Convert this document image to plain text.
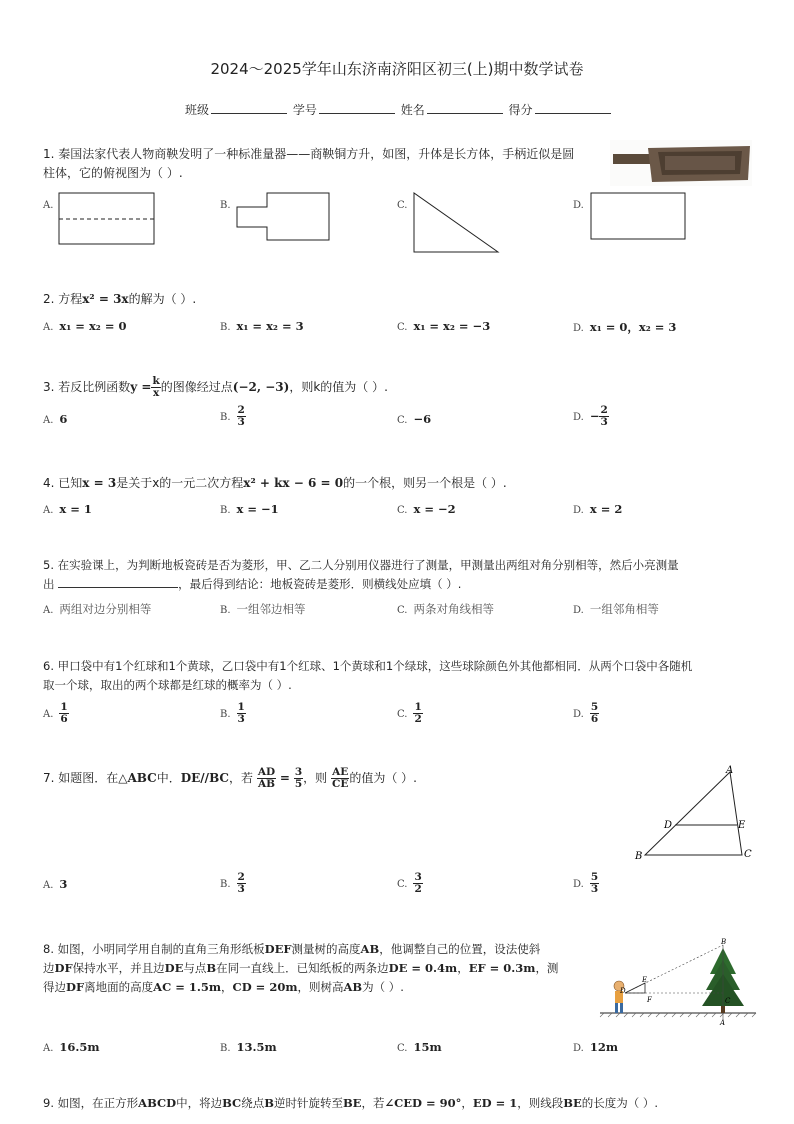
2024～2025学年山东济南济阳区初三(上)期中数学试卷
班级	学号	姓名	得分
1. 秦国法家代表人物商鞅发明了一种标准量器——商鞅铜方升，如图，升体是长方体，手柄近似是圆
柱体，它的俯视图为（ ）.
A.	B.	C.	D.
2. 方程x² = 3x的解为（ ）.
A. x₁ = x₂ = 0	B. x₁ = x₂ = 3	C. x₁ = x₂ = −3	D. x₁ = 0，x₂ = 3
3. 若反比例函数$y = \frac{k}{x}$ 的图像经过点(−2, −3)，则k的值为（ ）.
A. 6	B. $\frac{2}{3}$	C. −6	D. − $\frac{2}{3}$
4. 已知x = 3是关于x的一元二次方程x² + kx − 6 = 0的一个根，则另一个根是（ ）.
A. x = 1	B. x = −1	C. x = −2	D. x = 2
5. 在实验课上，为判断地板瓷砖是否为菱形，甲、乙二人分别用仪器进行了测量，甲测量出两组对角分别相等，然后小亮测量
出	，最后得到结论：地板瓷砖是菱形．则横线处应填（ ）.
A. 两组对边分别相等	B. 一组邻边相等	C. 两条对角线相等	D. 一组邻角相等
6. 甲口袋中有1个红球和1个黄球，乙口袋中有1个红球、1个黄球和1个绿球，这些球除颜色外其他都相同．从两个口袋中各随机
取一个球，取出的两个球都是红球的概率为（ ）.
A. $\frac{1}{6}$	B. $\frac{1}{3}$	C. $\frac{1}{2}$	D. $\frac{5}{6}$
7. 如题图．在△ABC中．DE//BC，若 $\frac{AD}{AB} = \frac{3}{5}$ ，则 $\frac{AE}{CE}$ 的值为（ ）.
A
B	C
D	E
A. 3	B. $\frac{2}{3}$	C. $\frac{3}{2}$	D. $\frac{5}{3}$
8. 如图，小明同学用自制的直角三角形纸板DEF测量树的高度AB，他调整自己的位置，设法使斜
边DF保持水平，并且边DE与点B在同一直线上．已知纸板的两条边DE = 0.4m，EF = 0.3m，测
得边DF离地面的高度AC = 1.5m，CD = 20m，则树高AB为（ ）.
B
E
D
F	C
A
A. 16.5m	B. 13.5m	C. 15m	D. 12m
9. 如图，在正方形ABCD中，将边BC绕点B逆时针旋转至BE，若∠CED = 90°，ED = 1，则线段BE的长度为（ ）.
